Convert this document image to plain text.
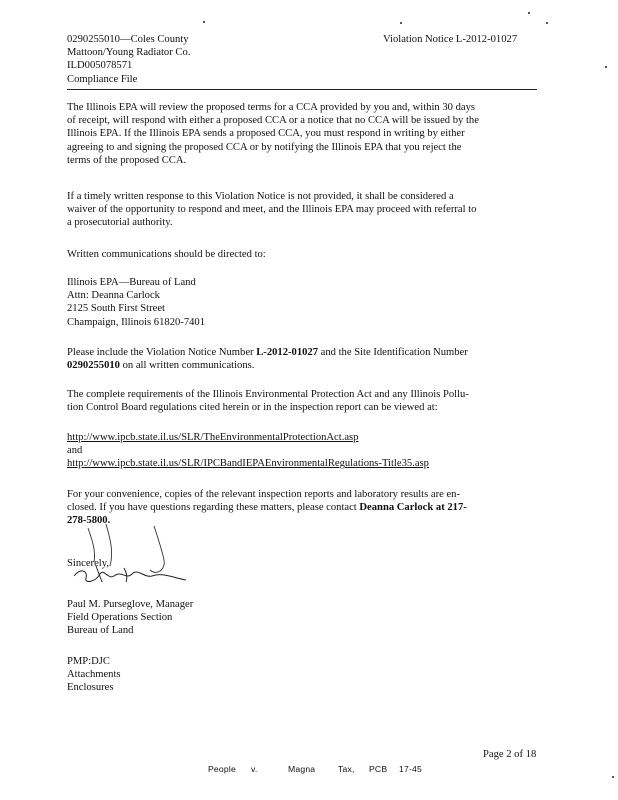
0290255010—Coles County
Mattoon/Young Radiator Co.
ILD005078571
Compliance File
Violation Notice L-2012-01027
The Illinois EPA will review the proposed terms for a CCA provided by you and, within 30 days
of receipt, will respond with either a proposed CCA or a notice that no CCA will be issued by the
Illinois EPA. If the Illinois EPA sends a proposed CCA, you must respond in writing by either
agreeing to and signing the proposed CCA or by notifying the Illinois EPA that you reject the
terms of the proposed CCA.
If a timely written response to this Violation Notice is not provided, it shall be considered a
waiver of the opportunity to respond and meet, and the Illinois EPA may proceed with referral to
a prosecutorial authority.
Written communications should be directed to:
Illinois EPA—Bureau of Land
Attn: Deanna Carlock
2125 South First Street
Champaign, Illinois 61820-7401
Please include the Violation Notice Number L-2012-01027 and the Site Identification Number
0290255010 on all written communications.
The complete requirements of the Illinois Environmental Protection Act and any Illinois Pollu-
tion Control Board regulations cited herein or in the inspection report can be viewed at:
http://www.ipcb.state.il.us/SLR/TheEnvironmentalProtectionAct.asp
and
http://www.ipcb.state.il.us/SLR/IPCBandIEPAEnvironmentalRegulations-Title35.asp
For your convenience, copies of the relevant inspection reports and laboratory results are en-
closed. If you have questions regarding these matters, please contact Deanna Carlock at 217-
278-5800.
Sincerely,
Paul M. Purseglove, Manager
Field Operations Section
Bureau of Land
PMP:DJC
Attachments
Enclosures
Page 2 of 18
People v.	Magna	Tax, PCB 17-45
